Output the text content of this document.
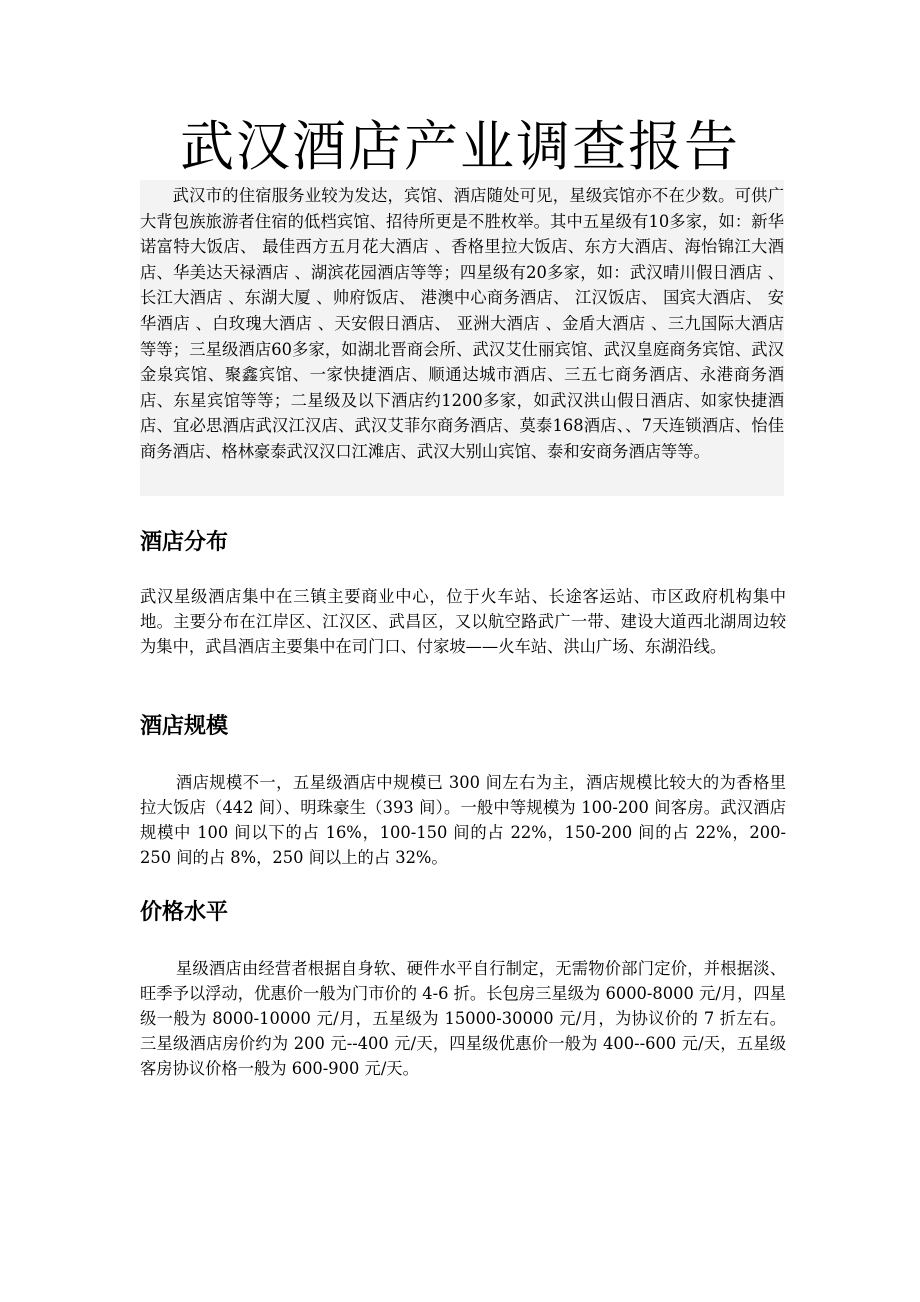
武汉酒店产业调查报告

武汉市的住宿服务业较为发达，宾馆、酒店随处可见，星级宾馆亦不在少数。可供广大背包族旅游者住宿的低档宾馆、招待所更是不胜枚举。其中五星级有10多家，如：新华诺富特大饭店、 最佳西方五月花大酒店 、香格里拉大饭店、东方大酒店、海怡锦江大酒店、华美达天禄酒店 、湖滨花园酒店等等；四星级有20多家，如：武汉晴川假日酒店 、长江大酒店 、东湖大厦 、帅府饭店、 港澳中心商务酒店、 江汉饭店、 国宾大酒店、 安华酒店 、白玫瑰大酒店 、天安假日酒店、 亚洲大酒店 、金盾大酒店 、三九国际大酒店等等；三星级酒店60多家，如湖北晋商会所、武汉艾仕丽宾馆、武汉皇庭商务宾馆、武汉金泉宾馆、聚鑫宾馆、一家快捷酒店、顺通达城市酒店、三五七商务酒店、永港商务酒店、东星宾馆等等；二星级及以下酒店约1200多家，如武汉洪山假日酒店、如家快捷酒店、宜必思酒店武汉江汉店、武汉艾菲尔商务酒店、莫泰168酒店、、7天连锁酒店、怡佳商务酒店、格林豪泰武汉汉口江滩店、武汉大别山宾馆、泰和安商务酒店等等。

酒店分布

武汉星级酒店集中在三镇主要商业中心，位于火车站、长途客运站、市区政府机构集中地。主要分布在江岸区、江汉区、武昌区，又以航空路武广一带、建设大道西北湖周边较为集中，武昌酒店主要集中在司门口、付家坡——火车站、洪山广场、东湖沿线。

酒店规模

酒店规模不一，五星级酒店中规模已 300 间左右为主，酒店规模比较大的为香格里拉大饭店（442 间）、明珠豪生（393 间）。一般中等规模为 100-200 间客房。武汉酒店规模中 100 间以下的占 16%，100-150 间的占 22%，150-200 间的占 22%，200-250 间的占 8%，250 间以上的占 32%。

价格水平

星级酒店由经营者根据自身软、硬件水平自行制定，无需物价部门定价，并根据淡、旺季予以浮动，优惠价一般为门市价的 4-6 折。长包房三星级为 6000-8000 元/月，四星级一般为 8000-10000 元/月，五星级为 15000-30000 元/月，为协议价的 7 折左右。三星级酒店房价约为 200 元--400 元/天，四星级优惠价一般为 400--600 元/天，五星级客房协议价格一般为 600-900 元/天。
